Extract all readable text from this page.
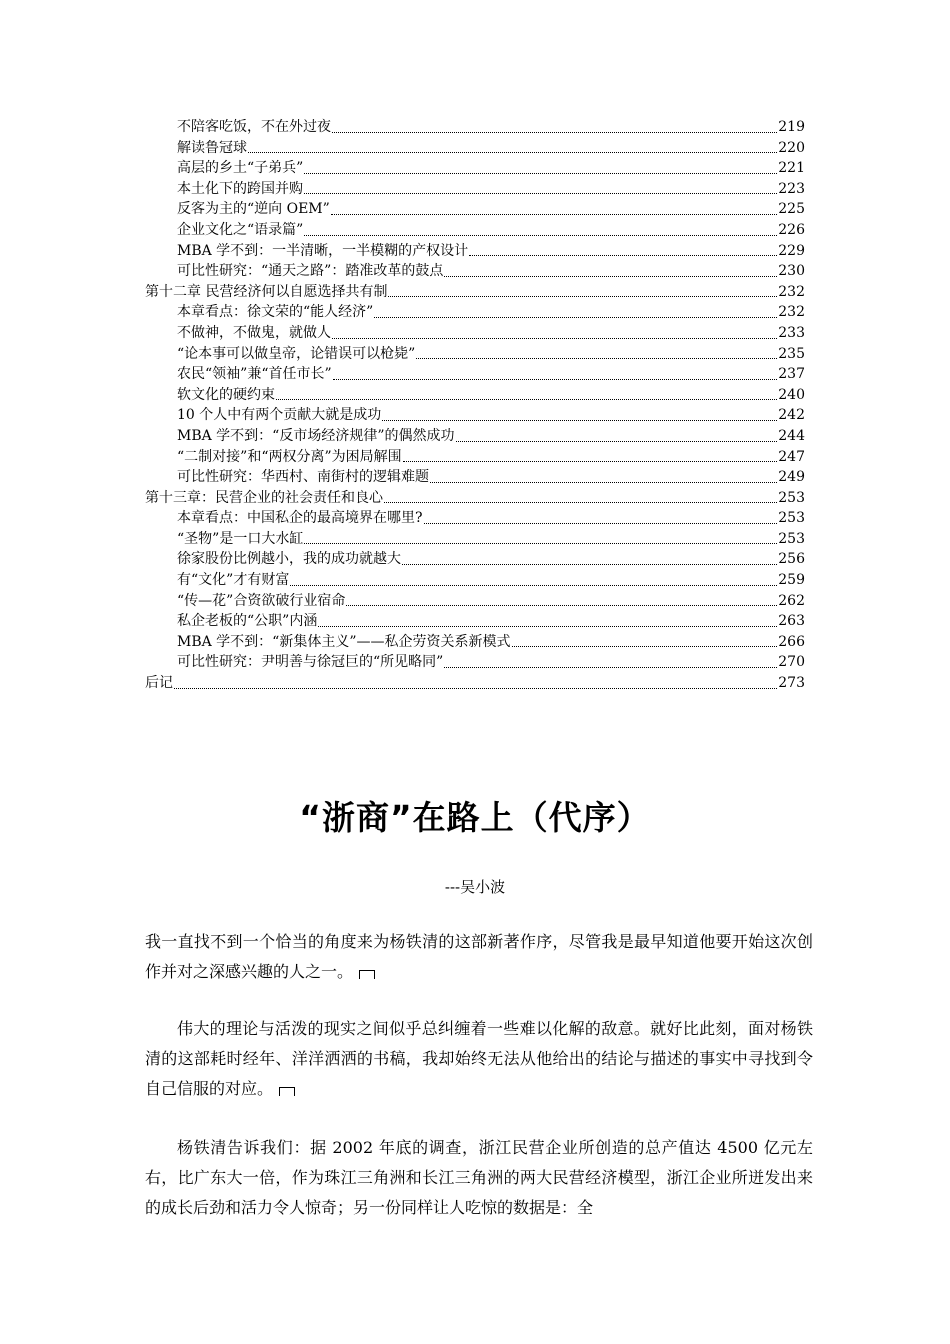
不陪客吃饭，不在外过夜	219
解读鲁冠球	220
高层的乡土“子弟兵”	221
本土化下的跨国并购	223
反客为主的“逆向 OEM”	225
企业文化之“语录篇”	226
MBA 学不到：一半清晰，一半模糊的产权设计	229
可比性研究：“通天之路”：踏准改革的鼓点	230
第十二章 民营经济何以自愿选择共有制	232
本章看点：徐文荣的“能人经济”	232
不做神，不做鬼，就做人	233
“论本事可以做皇帝，论错误可以枪毙”	235
农民“领袖”兼“首任市长”	237
软文化的硬约束	240
10 个人中有两个贡献大就是成功	242
MBA 学不到：“反市场经济规律”的偶然成功	244
“二制对接”和“两权分离”为困局解围	247
可比性研究：华西村、南街村的逻辑难题	249
第十三章：民营企业的社会责任和良心	253
本章看点：中国私企的最高境界在哪里?	253
“圣物”是一口大水缸	253
徐家股份比例越小，我的成功就越大	256
有“文化”才有财富	259
“传—花”合资欲破行业宿命	262
私企老板的“公职”内涵	263
MBA 学不到：“新集体主义”——私企劳资关系新模式	266
可比性研究：尹明善与徐冠巨的“所见略同”	270
后记	273
“浙商”在路上（代序）
---吴小波
我一直找不到一个恰当的角度来为杨铁清的这部新著作序，尽管我是最早知道他要开始这次创作并对之深感兴趣的人之一。
伟大的理论与活泼的现实之间似乎总纠缠着一些难以化解的敌意。就好比此刻，面对杨铁清的这部耗时经年、洋洋洒洒的书稿，我却始终无法从他给出的结论与描述的事实中寻找到令自己信服的对应。
杨铁清告诉我们：据 2002 年底的调查，浙江民营企业所创造的总产值达 4500 亿元左右，比广东大一倍，作为珠江三角洲和长江三角洲的两大民营经济模型，浙江企业所迸发出来的成长后劲和活力令人惊奇；另一份同样让人吃惊的数据是：全
